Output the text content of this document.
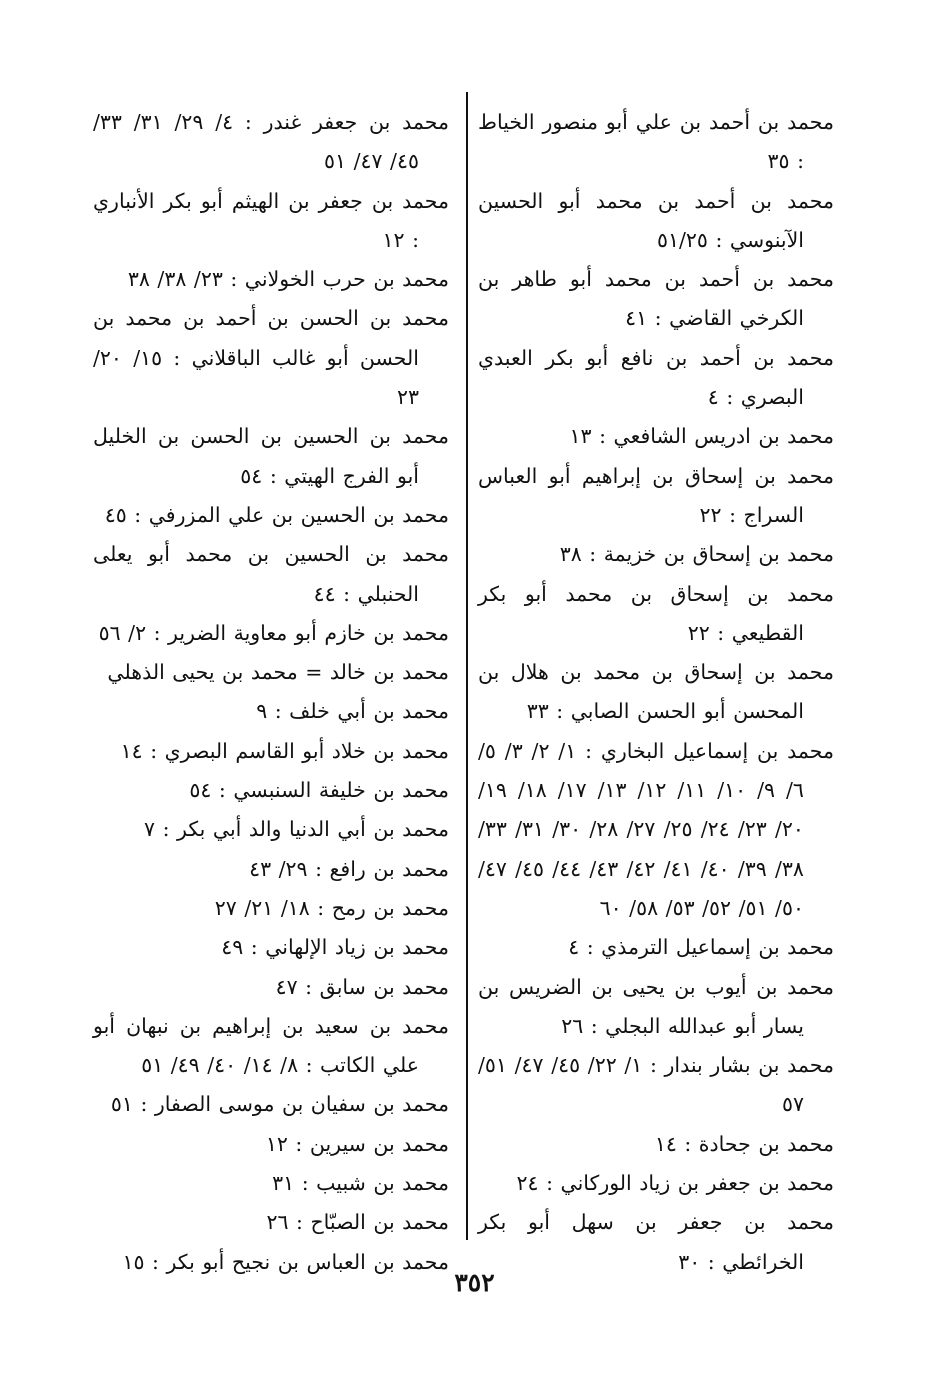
محمد بن أحمد بن علي أبو منصور الخياط : ٣٥
محمد بن أحمد بن محمد أبو الحسين الآبنوسي : ٥١/٢٥
محمد بن أحمد بن محمد أبو طاهر بن الكرخي القاضي : ٤١
محمد بن أحمد بن نافع أبو بكر العبدي البصري : ٤
محمد بن ادريس الشافعي : ١٣
محمد بن إسحاق بن إبراهيم أبو العباس السراج : ٢٢
محمد بن إسحاق بن خزيمة : ٣٨
محمد بن إسحاق بن محمد أبو بكر القطيعي : ٢٢
محمد بن إسحاق بن محمد بن هلال بن المحسن أبو الحسن الصابي : ٣٣
محمد بن إسماعيل البخاري : ١/ ٢/ ٣/ ٥/ ٦/ ٩/ ١٠/ ١١/ ١٢/ ١٣/ ١٧/ ١٨/ ١٩/ ٢٠/ ٢٣/ ٢٤/ ٢٥/ ٢٧/ ٢٨/ ٣٠/ ٣١/ ٣٣/ ٣٨/ ٣٩/ ٤٠/ ٤١/ ٤٢/ ٤٣/ ٤٤/ ٤٥/ ٤٧/ ٥٠/ ٥١/ ٥٢/ ٥٣/ ٥٨/ ٦٠
محمد بن إسماعيل الترمذي : ٤
محمد بن أيوب بن يحيى بن الضريس بن يسار أبو عبدالله البجلي : ٢٦
محمد بن بشار بندار : ١/ ٢٢/ ٤٥/ ٤٧/ ٥١/ ٥٧
محمد بن جحادة : ١٤
محمد بن جعفر بن زياد الوركاني : ٢٤
محمد بن جعفر بن سهل أبو بكر الخرائطي : ٣٠
محمد بن جعفر غندر : ٤/ ٢٩/ ٣١/ ٣٣/ ٤٥/ ٤٧/ ٥١
محمد بن جعفر بن الهيثم أبو بكر الأنباري : ١٢
محمد بن حرب الخولاني : ٢٣/ ٣٨/ ٣٨
محمد بن الحسن بن أحمد بن محمد بن الحسن أبو غالب الباقلاني : ١٥/ ٢٠/ ٢٣
محمد بن الحسين بن الحسن بن الخليل أبو الفرج الهيتي : ٥٤
محمد بن الحسين بن علي المزرفي : ٤٥
محمد بن الحسين بن محمد أبو يعلى الحنبلي : ٤٤
محمد بن خازم أبو معاوية الضرير : ٢/ ٥٦
محمد بن خالد = محمد بن يحيى الذهلي
محمد بن أبي خلف : ٩
محمد بن خلاد أبو القاسم البصري : ١٤
محمد بن خليفة السنبسي : ٥٤
محمد بن أبي الدنيا والد أبي بكر : ٧
محمد بن رافع : ٢٩/ ٤٣
محمد بن رمح : ١٨/ ٢١/ ٢٧
محمد بن زياد الإلهاني : ٤٩
محمد بن سابق : ٤٧
محمد بن سعيد بن إبراهيم بن نبهان أبو علي الكاتب : ٨/ ١٤/ ٤٠/ ٤٩/ ٥١
محمد بن سفيان بن موسى الصفار : ٥١
محمد بن سيرين : ١٢
محمد بن شبيب : ٣١
محمد بن الصبّاح : ٢٦
محمد بن العباس بن نجيح أبو بكر : ١٥
٣٥٢
